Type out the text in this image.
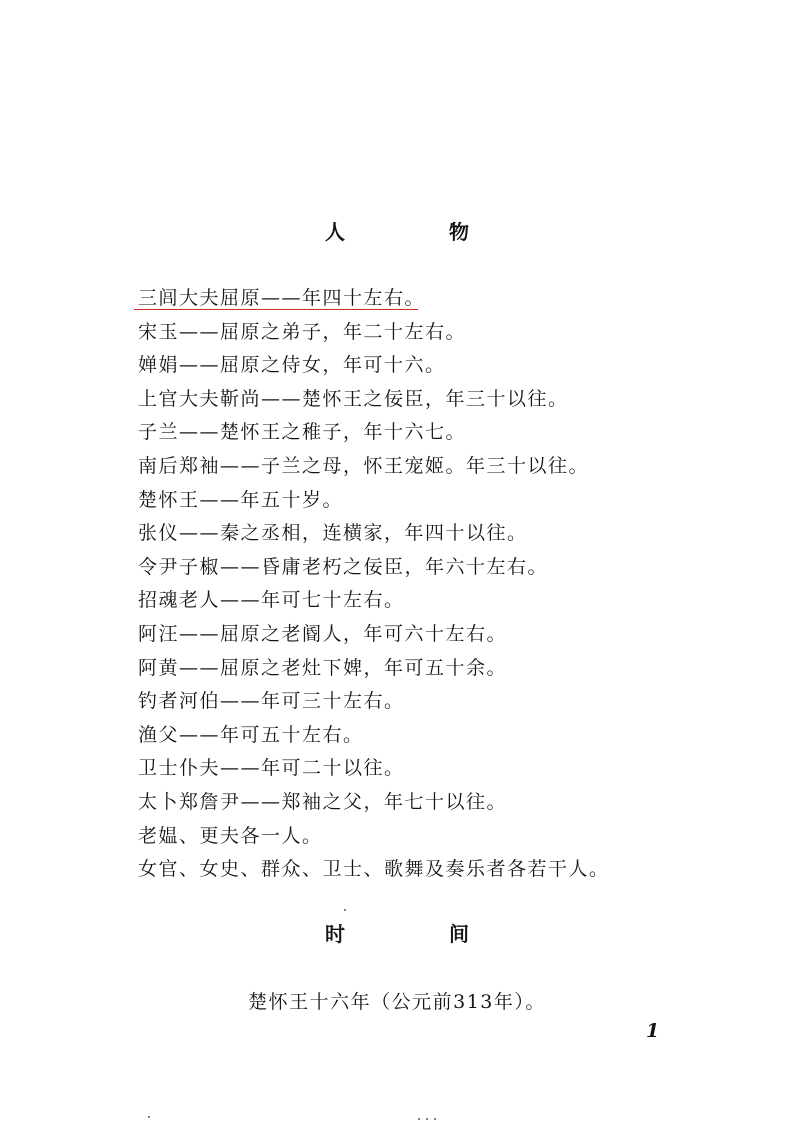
人　物
三闾大夫屈原——年四十左右。
宋玉——屈原之弟子，年二十左右。
婵娟——屈原之侍女，年可十六。
上官大夫靳尚——楚怀王之佞臣，年三十以往。
子兰——楚怀王之稚子，年十六七。
南后郑袖——子兰之母，怀王宠姬。年三十以往。
楚怀王——年五十岁。
张仪——秦之丞相，连横家，年四十以往。
令尹子椒——昏庸老朽之佞臣，年六十左右。
招魂老人——年可七十左右。
阿汪——屈原之老阍人，年可六十左右。
阿黄——屈原之老灶下婢，年可五十余。
钓者河伯——年可三十左右。
渔父——年可五十左右。
卫士仆夫——年可二十以往。
太卜郑詹尹——郑袖之父，年七十以往。
老媪、更夫各一人。
女官、女史、群众、卫士、歌舞及奏乐者各若干人。
时　间
楚怀王十六年（公元前313年）。
1
